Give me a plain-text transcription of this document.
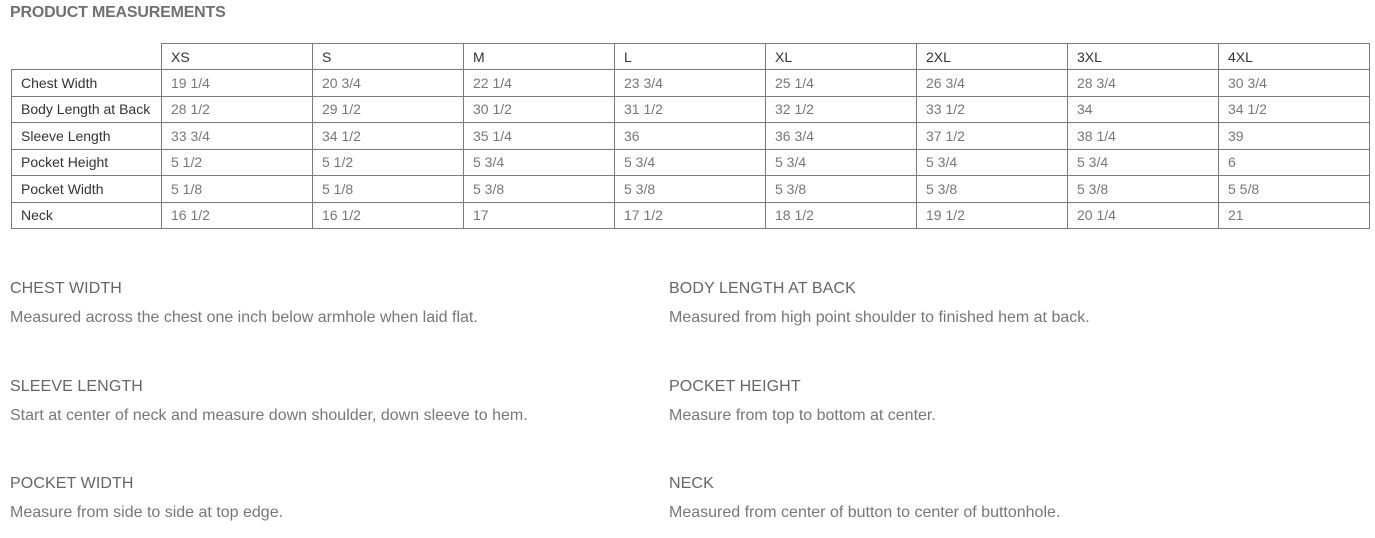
PRODUCT MEASUREMENTS
	XS	S	M	L	XL	2XL	3XL	4XL
Chest Width	19 1/4	20 3/4	22 1/4	23 3/4	25 1/4	26 3/4	28 3/4	30 3/4
Body Length at Back	28 1/2	29 1/2	30 1/2	31 1/2	32 1/2	33 1/2	34	34 1/2
Sleeve Length	33 3/4	34 1/2	35 1/4	36	36 3/4	37 1/2	38 1/4	39
Pocket Height	5 1/2	5 1/2	5 3/4	5 3/4	5 3/4	5 3/4	5 3/4	6
Pocket Width	5 1/8	5 1/8	5 3/8	5 3/8	5 3/8	5 3/8	5 3/8	5 5/8
Neck	16 1/2	16 1/2	17	17 1/2	18 1/2	19 1/2	20 1/4	21
CHEST WIDTH
Measured across the chest one inch below armhole when laid flat.
BODY LENGTH AT BACK
Measured from high point shoulder to finished hem at back.
SLEEVE LENGTH
Start at center of neck and measure down shoulder, down sleeve to hem.
POCKET HEIGHT
Measure from top to bottom at center.
POCKET WIDTH
Measure from side to side at top edge.
NECK
Measured from center of button to center of buttonhole.
